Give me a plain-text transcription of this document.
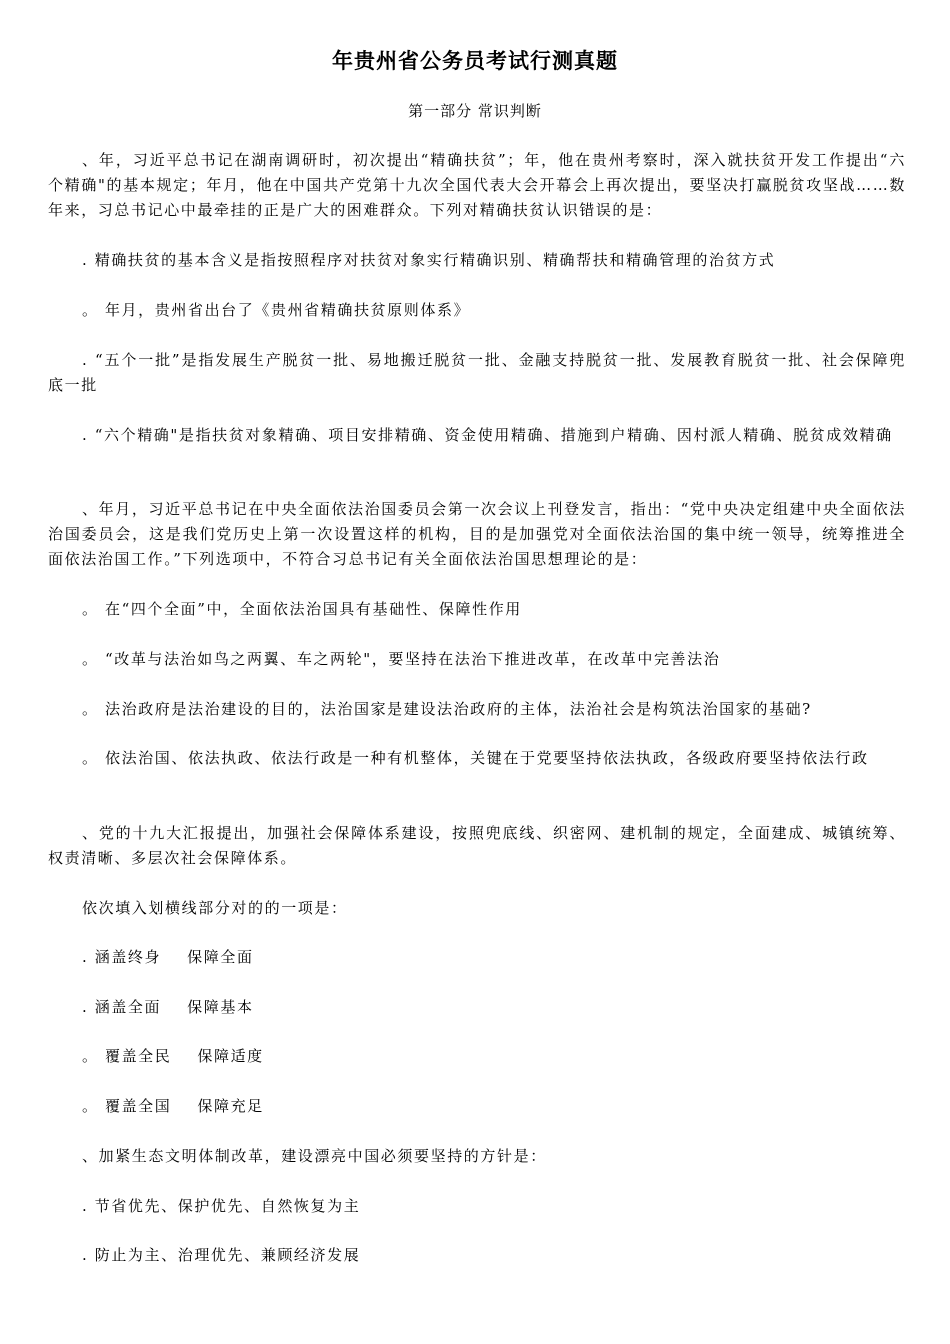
年贵州省公务员考试行测真题
第一部分 常识判断

、年，习近平总书记在湖南调研时，初次提出“精确扶贫”；年，他在贵州考察时，深入就扶贫开发工作提出“六个精确"的基本规定；年月，他在中国共产党第十九次全国代表大会开幕会上再次提出，要坚决打赢脱贫攻坚战……数年来，习总书记心中最牵挂的正是广大的困难群众。下列对精确扶贫认识错误的是：

. 精确扶贫的基本含义是指按照程序对扶贫对象实行精确识别、精确帮扶和精确管理的治贫方式

。 年月，贵州省出台了《贵州省精确扶贫原则体系》

. “五个一批”是指发展生产脱贫一批、易地搬迁脱贫一批、金融支持脱贫一批、发展教育脱贫一批、社会保障兜底一批

. “六个精确"是指扶贫对象精确、项目安排精确、资金使用精确、措施到户精确、因村派人精确、脱贫成效精确

、年月，习近平总书记在中央全面依法治国委员会第一次会议上刊登发言，指出：“党中央决定组建中央全面依法治国委员会，这是我们党历史上第一次设置这样的机构，目的是加强党对全面依法治国的集中统一领导，统筹推进全面依法治国工作。”下列选项中，不符合习总书记有关全面依法治国思想理论的是：

。 在“四个全面”中，全面依法治国具有基础性、保障性作用

。 “改革与法治如鸟之两翼、车之两轮"，要坚持在法治下推进改革，在改革中完善法治

。 法治政府是法治建设的目的，法治国家是建设法治政府的主体，法治社会是构筑法治国家的基础?

。 依法治国、依法执政、依法行政是一种有机整体，关键在于党要坚持依法执政，各级政府要坚持依法行政

、党的十九大汇报提出，加强社会保障体系建设，按照兜底线、织密网、建机制的规定，全面建成、城镇统筹、权责清晰、多层次社会保障体系。

依次填入划横线部分对的的一项是：

. 涵盖终身 保障全面

. 涵盖全面 保障基本

。 覆盖全民 保障适度

。 覆盖全国 保障充足

、加紧生态文明体制改革，建设漂亮中国必须要坚持的方针是：

. 节省优先、保护优先、自然恢复为主

. 防止为主、治理优先、兼顾经济发展
